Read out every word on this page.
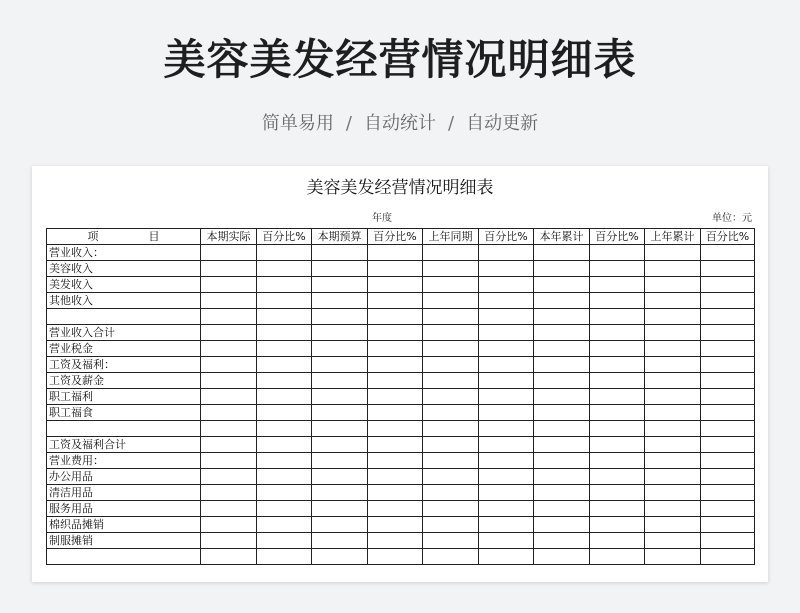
美容美发经营情况明细表
简单易用 / 自动统计 / 自动更新
美容美发经营情况明细表
年度	单位：元
项 目	本期实际	百分比%	本期预算	百分比%	上年同期	百分比%	本年累计	百分比%	上年累计	百分比%
营业收入：										
美容收入										
美发收入										
其他收入										

营业收入合计										
营业税金										
工资及福利：										
工资及薪金										
职工福利										
职工福食										

工资及福利合计										
营业费用：										
办公用品										
清洁用品										
服务用品										
棉织品摊销										
制服摊销										
